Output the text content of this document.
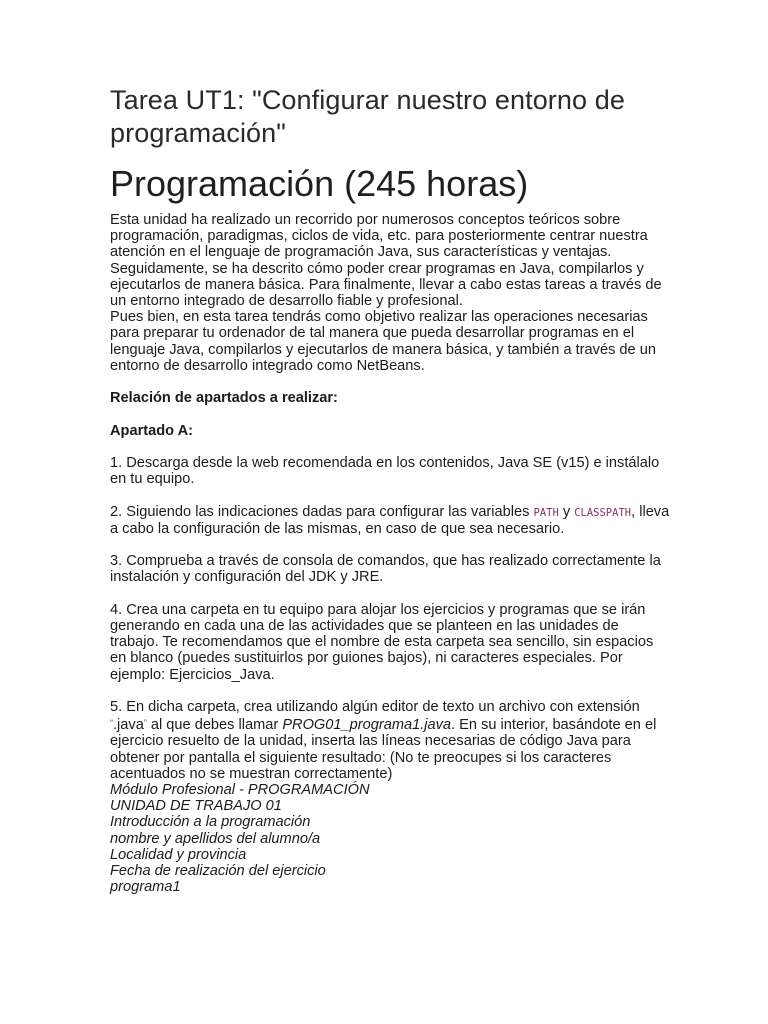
Tarea UT1: "Configurar nuestro entorno de programación"
Programación (245 horas)

Esta unidad ha realizado un recorrido por numerosos conceptos teóricos sobre programación, paradigmas, ciclos de vida, etc. para posteriormente centrar nuestra atención en el lenguaje de programación Java, sus características y ventajas. Seguidamente, se ha descrito cómo poder crear programas en Java, compilarlos y ejecutarlos de manera básica. Para finalmente, llevar a cabo estas tareas a través de un entorno integrado de desarrollo fiable y profesional.

Pues bien, en esta tarea tendrás como objetivo realizar las operaciones necesarias para preparar tu ordenador de tal manera que pueda desarrollar programas en el lenguaje Java, compilarlos y ejecutarlos de manera básica, y también a través de un entorno de desarrollo integrado como NetBeans.

Relación de apartados a realizar:

Apartado A:

1. Descarga desde la web recomendada en los contenidos, Java SE (v15) e instálalo en tu equipo.

2. Siguiendo las indicaciones dadas para configurar las variables PATH y CLASSPATH, lleva a cabo la configuración de las mismas, en caso de que sea necesario.

3. Comprueba a través de consola de comandos, que has realizado correctamente la instalación y configuración del JDK y JRE.

4. Crea una carpeta en tu equipo para alojar los ejercicios y programas que se irán generando en cada una de las actividades que se planteen en las unidades de trabajo. Te recomendamos que el nombre de esta carpeta sea sencillo, sin espacios en blanco (puedes sustituirlos por guiones bajos), ni caracteres especiales. Por ejemplo: Ejercicios_Java.

5. En dicha carpeta, crea utilizando algún editor de texto un archivo con extensión “.java” al que debes llamar PROG01_programa1.java. En su interior, basándote en el ejercicio resuelto de la unidad, inserta las líneas necesarias de código Java para obtener por pantalla el siguiente resultado: (No te preocupes si los caracteres acentuados no se muestran correctamente)

Módulo Profesional - PROGRAMACIÓN

UNIDAD DE TRABAJO 01

Introducción a la programación

nombre y apellidos del alumno/a

Localidad y provincia

Fecha de realización del ejercicio

programa1
